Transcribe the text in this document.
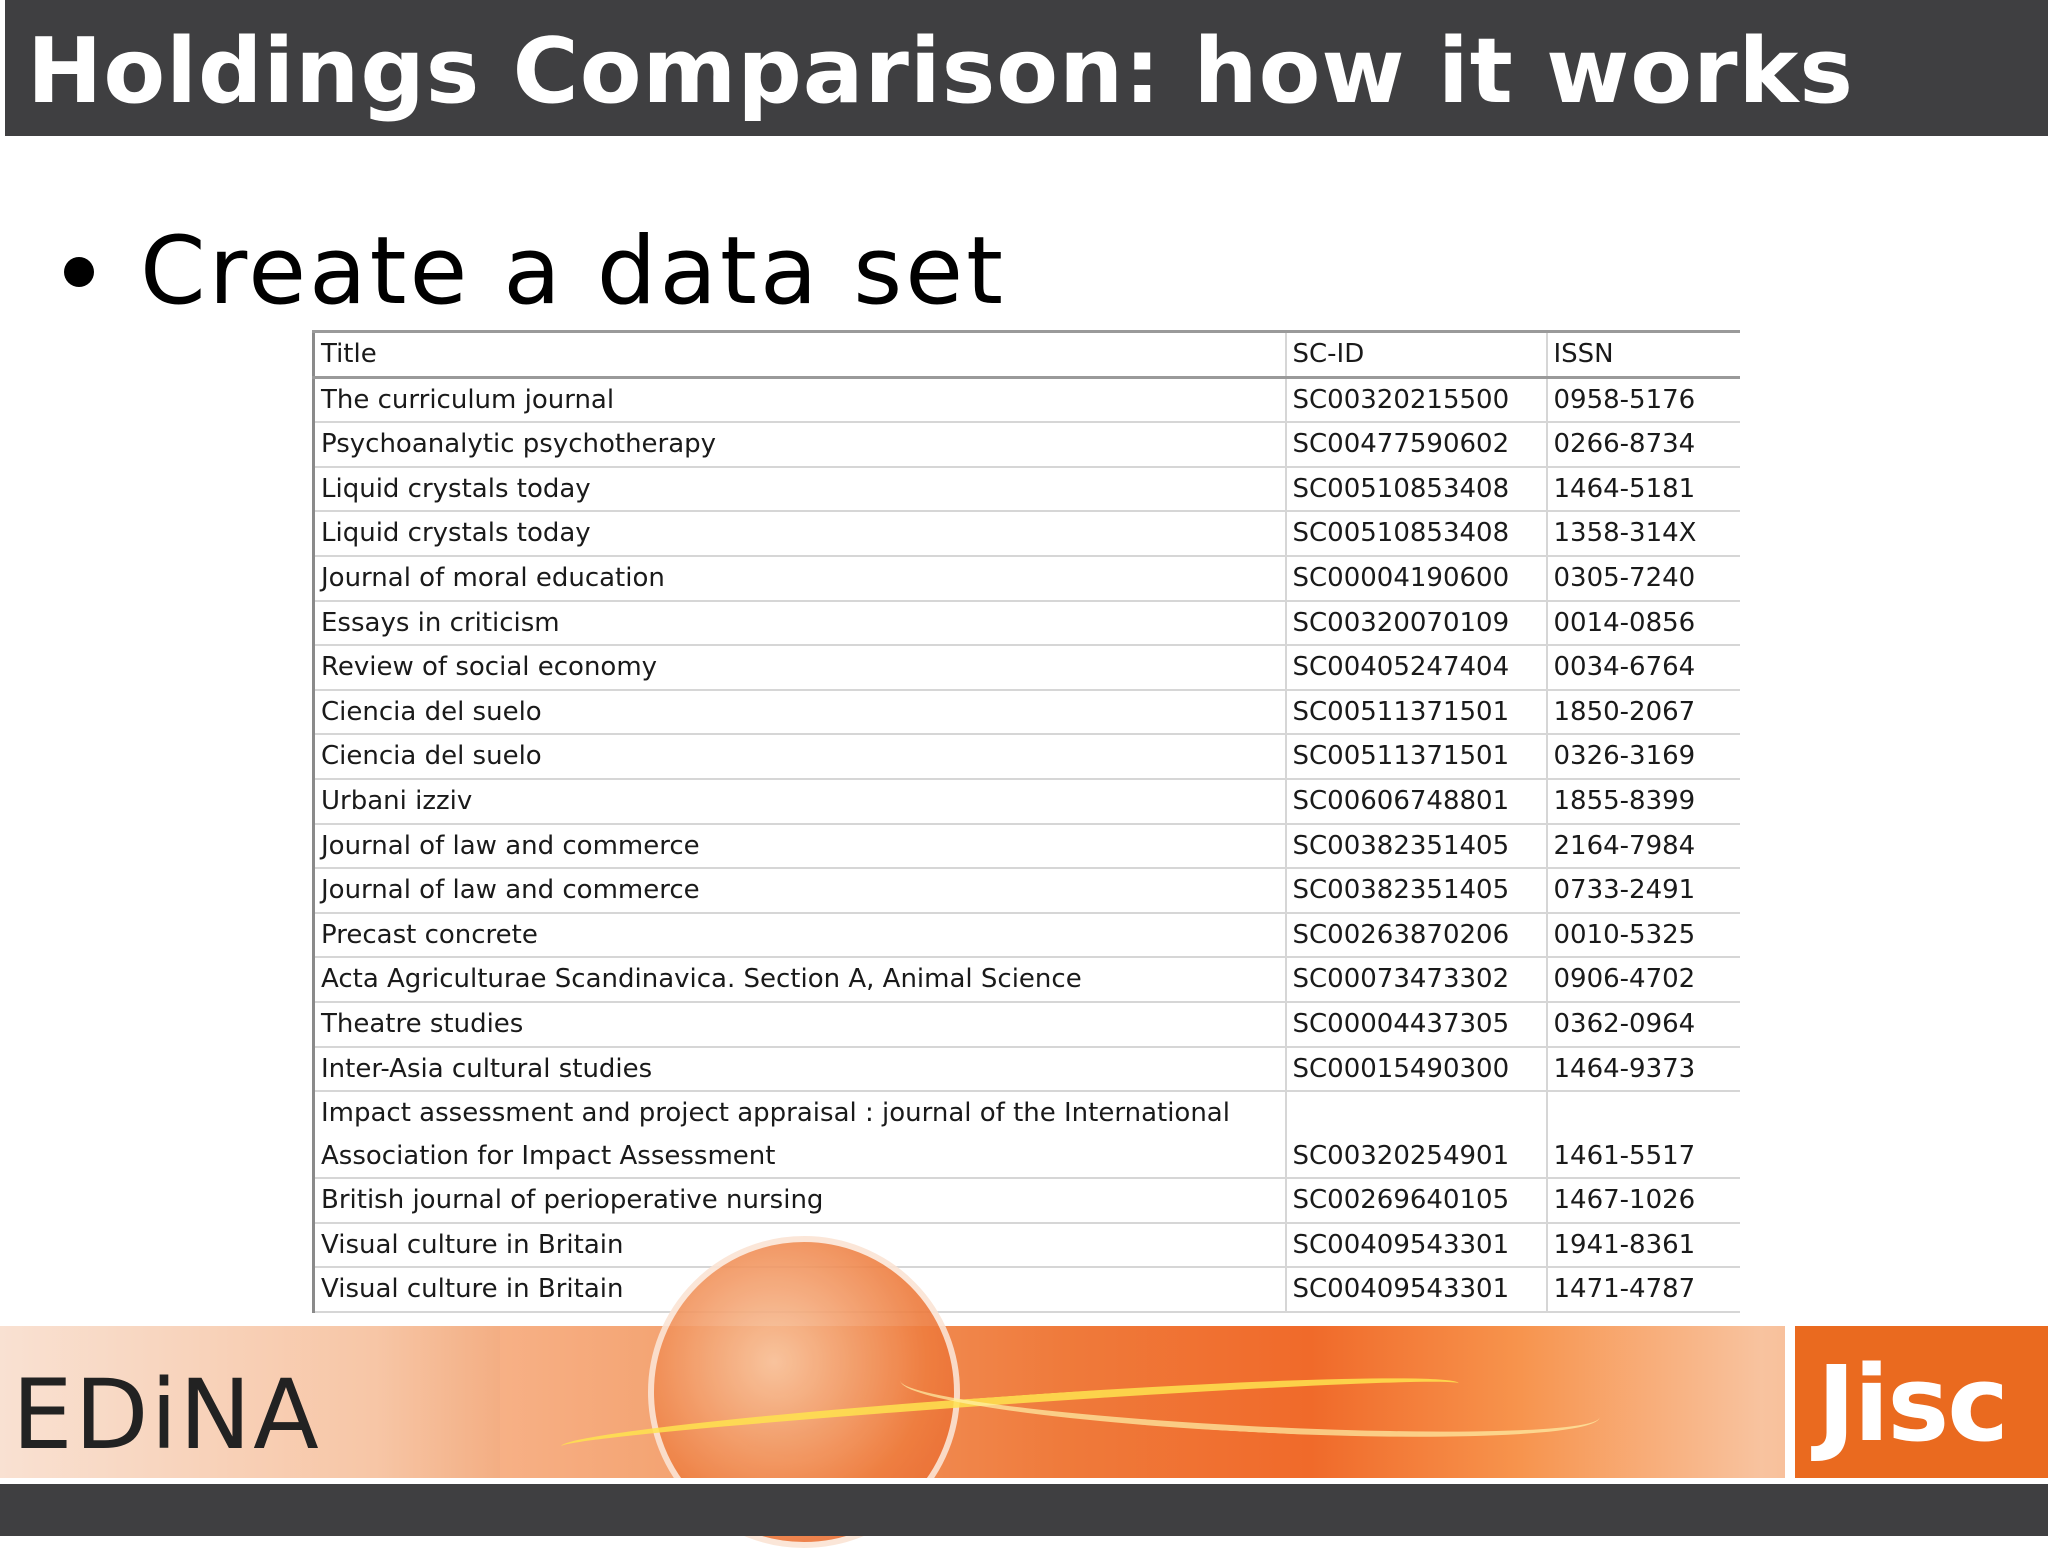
Holdings Comparison: how it works
Create a data set
Title	SC-ID	ISSN
The curriculum journal	SC00320215500	0958-5176
Psychoanalytic psychotherapy	SC00477590602	0266-8734
Liquid crystals today	SC00510853408	1464-5181
Liquid crystals today	SC00510853408	1358-314X
Journal of moral education	SC00004190600	0305-7240
Essays in criticism	SC00320070109	0014-0856
Review of social economy	SC00405247404	0034-6764
Ciencia del suelo	SC00511371501	1850-2067
Ciencia del suelo	SC00511371501	0326-3169
Urbani izziv	SC00606748801	1855-8399
Journal of law and commerce	SC00382351405	2164-7984
Journal of law and commerce	SC00382351405	0733-2491
Precast concrete	SC00263870206	0010-5325
Acta Agriculturae Scandinavica. Section A, Animal Science	SC00073473302	0906-4702
Theatre studies	SC00004437305	0362-0964
Inter-Asia cultural studies	SC00015490300	1464-9373
Impact assessment and project appraisal : journal of the International Association for Impact Assessment	SC00320254901	1461-5517
British journal of perioperative nursing	SC00269640105	1467-1026
Visual culture in Britain	SC00409543301	1941-8361
Visual culture in Britain	SC00409543301	1471-4787
EDiNA	Jisc
